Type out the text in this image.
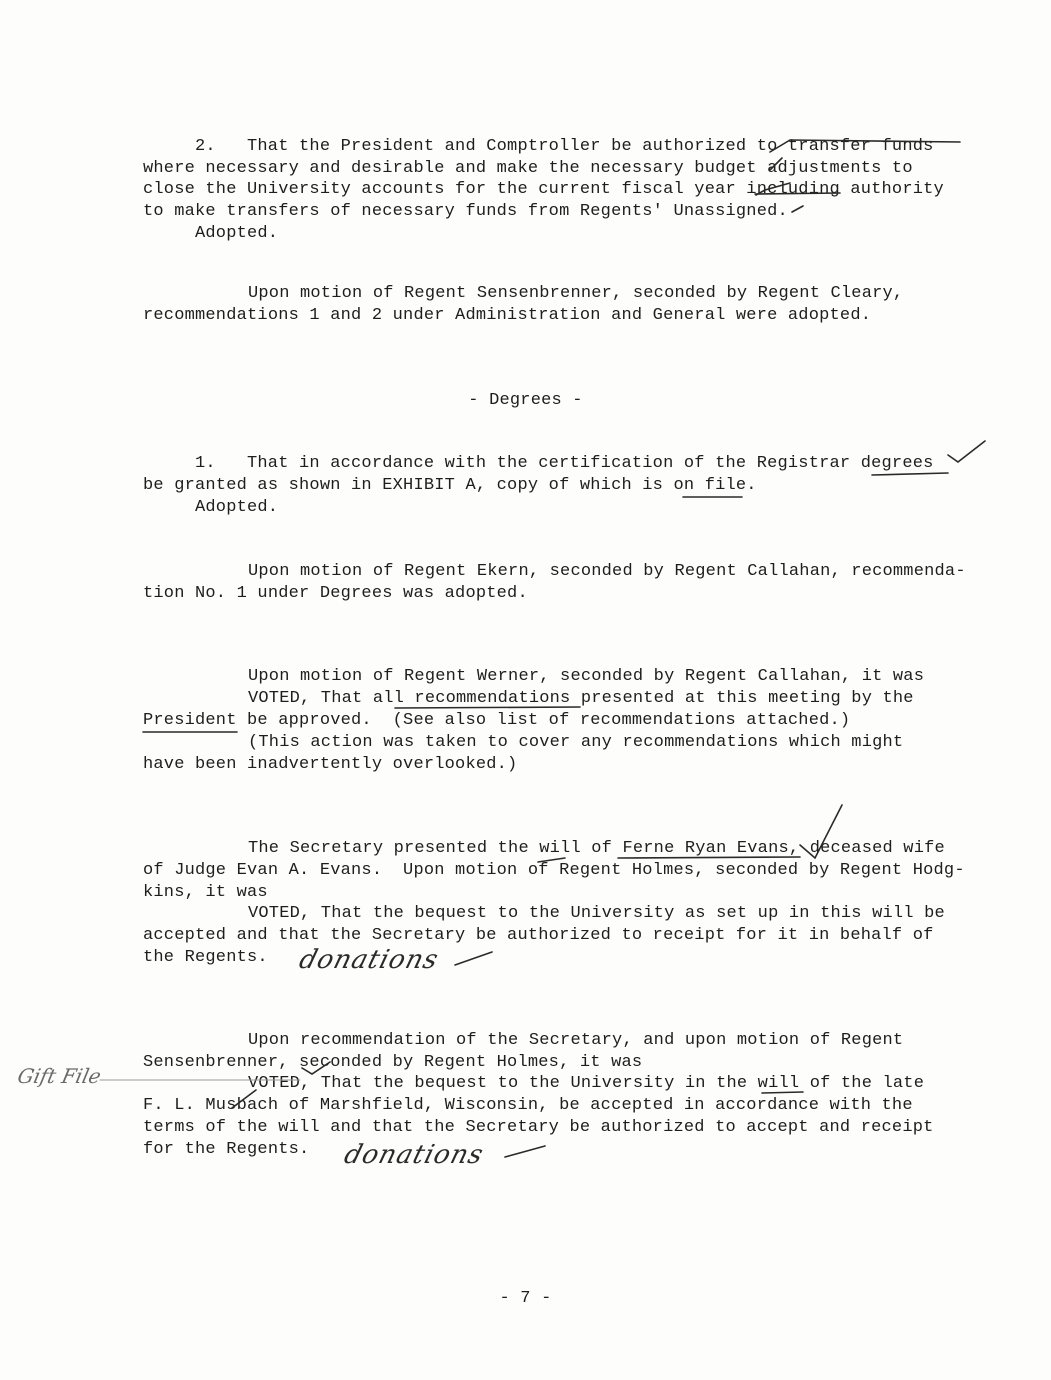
2.   That the President and Comptroller be authorized to transfer funds
where necessary and desirable and make the necessary budget adjustments to
close the University accounts for the current fiscal year including authority
to make transfers of necessary funds from Regents' Unassigned.
Adopted.
Upon motion of Regent Sensenbrenner, seconded by Regent Cleary,
recommendations 1 and 2 under Administration and General were adopted.
- Degrees -
1.   That in accordance with the certification of the Registrar degrees
be granted as shown in EXHIBIT A, copy of which is on file.
Adopted.
Upon motion of Regent Ekern, seconded by Regent Callahan, recommenda-
tion No. 1 under Degrees was adopted.
Upon motion of Regent Werner, seconded by Regent Callahan, it was
VOTED, That all recommendations presented at this meeting by the
President be approved.  (See also list of recommendations attached.)
(This action was taken to cover any recommendations which might
have been inadvertently overlooked.)
The Secretary presented the will of Ferne Ryan Evans, deceased wife
of Judge Evan A. Evans.  Upon motion of Regent Holmes, seconded by Regent Hodg-
kins, it was
VOTED, That the bequest to the University as set up in this will be
accepted and that the Secretary be authorized to receipt for it in behalf of
the Regents. donations
Gift File
Upon recommendation of the Secretary, and upon motion of Regent
Sensenbrenner, seconded by Regent Holmes, it was
VOTED, That the bequest to the University in the will of the late
F. L. Musbach of Marshfield, Wisconsin, be accepted in accordance with the
terms of the will and that the Secretary be authorized to accept and receipt
for the Regents. donations
- 7 -
